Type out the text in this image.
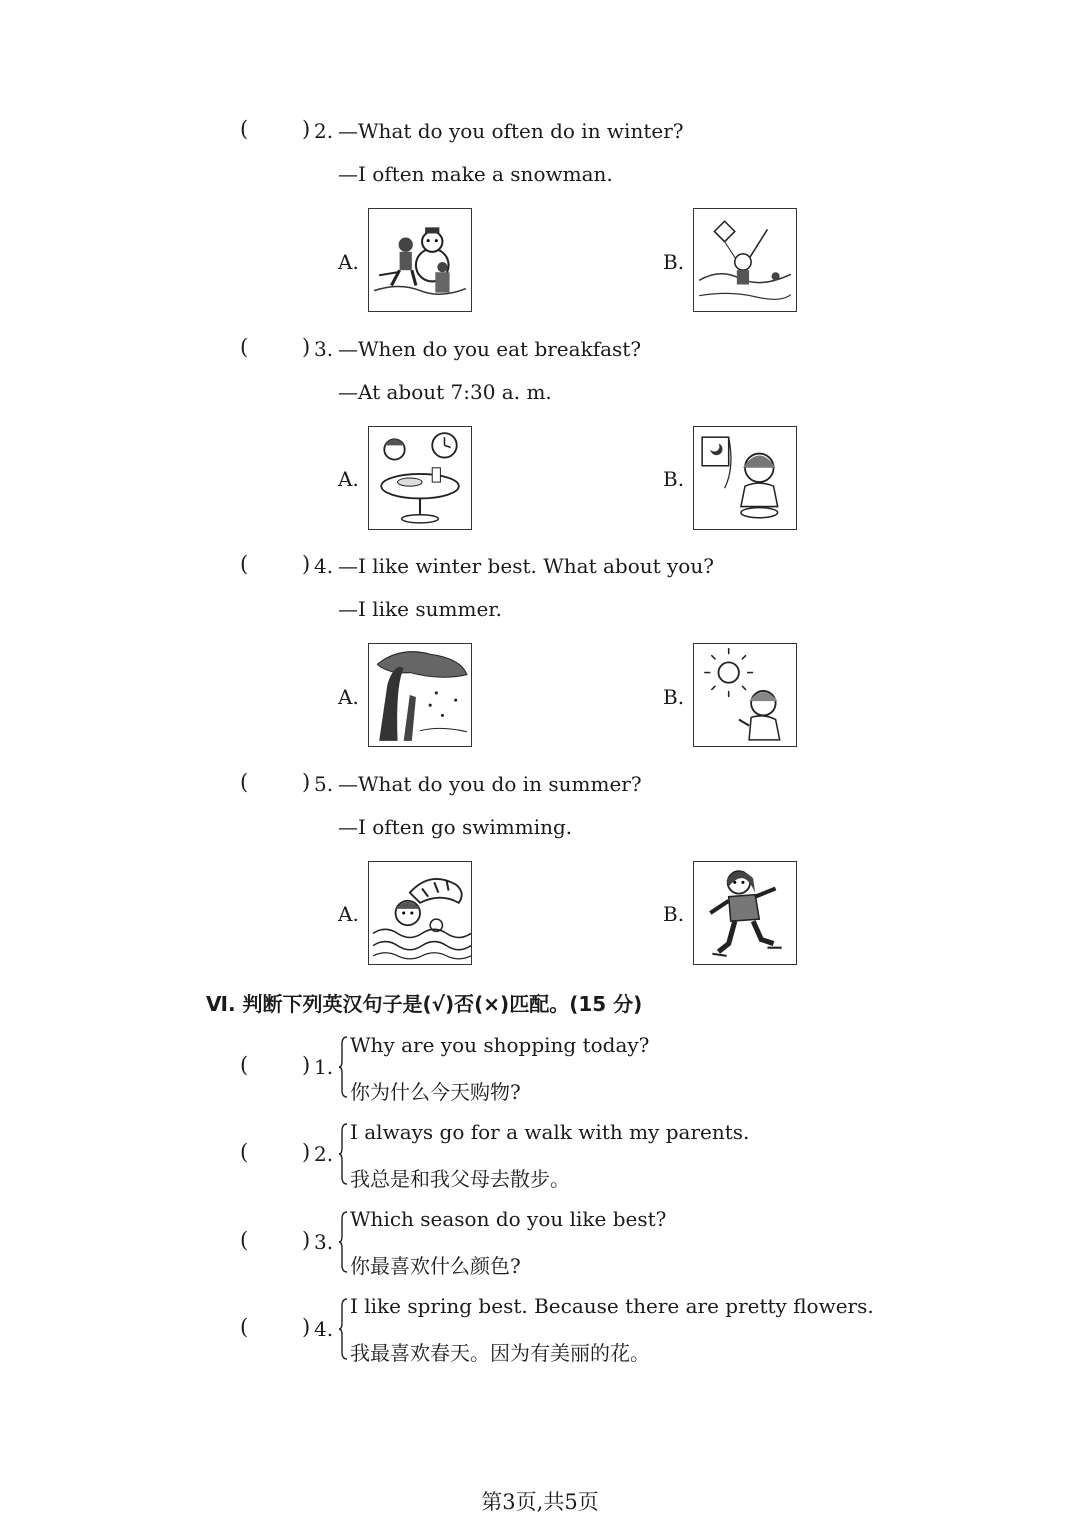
(	) 2. —What do you often do in winter?
—I often make a snowman.
A.	B.
(	) 3. —When do you eat breakfast?
—At about 7:30 a. m.
A.	B.
(	) 4. —I like winter best. What about you?
—I like summer.
A.	B.
(	) 5. —What do you do in summer?
—I often go swimming.
A.	B.
Ⅵ. 判断下列英汉句子是(√)否(×)匹配。(15 分)
(	) 1.
Why are you shopping today?
你为什么今天购物?
(	) 2.
I always go for a walk with my parents.
我总是和我父母去散步。
(	) 3.
Which season do you like best?
你最喜欢什么颜色?
(	) 4.
I like spring best. Because there are pretty flowers.
我最喜欢春天。因为有美丽的花。
第3页,共5页
